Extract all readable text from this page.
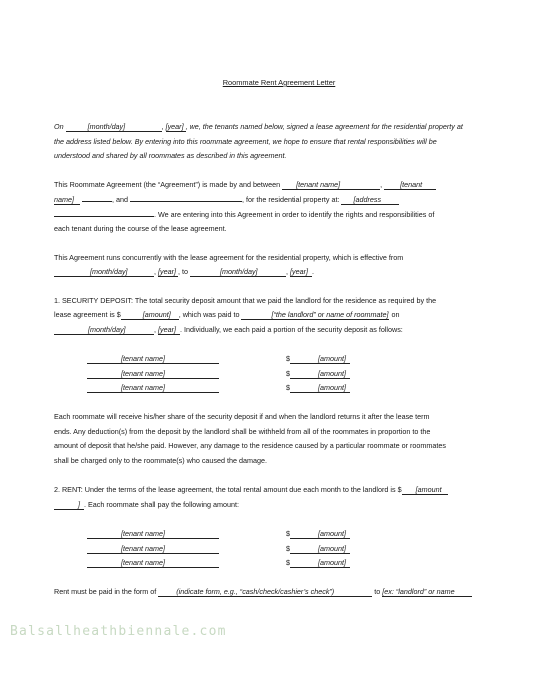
Roommate Rent Agreement Letter
On	[month/day]	, [year] , we, the tenants named below, signed a lease agreement for the residential property at
the address listed below. By entering into this roommate agreement, we hope to ensure that rental responsibilities will be
understood and shared by all roommates as described in this agreement.
This Roommate Agreement (the “Agreement”) is made by and between [tenant name]	, [tenant
name]	, and	, for the residential property at: [address
. We are entering into this Agreement in order to identify the rights and responsibilities of
each tenant during the course of the lease agreement.
This Agreement runs concurrently with the lease agreement for the residential property, which is effective from
[month/day]	, [year] , to	[month/day]	, [year] .
1. SECURITY DEPOSIT: The total security deposit amount that we paid the landlord for the residence as required by the
lease agreement is $	[amount] , which was paid to	[“the landlord” or name of roommate] on
[month/day]	, [year] . Individually, we each paid a portion of the security deposit as follows:
[tenant name]	$	[amount]
[tenant name]	$	[amount]
[tenant name]	$	[amount]
Each roommate will receive his/her share of the security deposit if and when the landlord returns it after the lease term
ends. Any deduction(s) from the deposit by the landlord shall be withheld from all of the roommates in proportion to the
amount of deposit that he/she paid. However, any damage to the residence caused by a particular roommate or roommates
shall be charged only to the roommate(s) who caused the damage.
2. RENT: Under the terms of the lease agreement, the total rental amount due each month to the landlord is $ [amount
] . Each roommate shall pay the following amount:
[tenant name]	$	[amount]
[tenant name]	$	[amount]
[tenant name]	$	[amount]
Rent must be paid in the form of	(indicate form, e.g., “cash/check/cashier’s check”)	to [ex: “landlord” or name
Balsallheathbiennale.com
